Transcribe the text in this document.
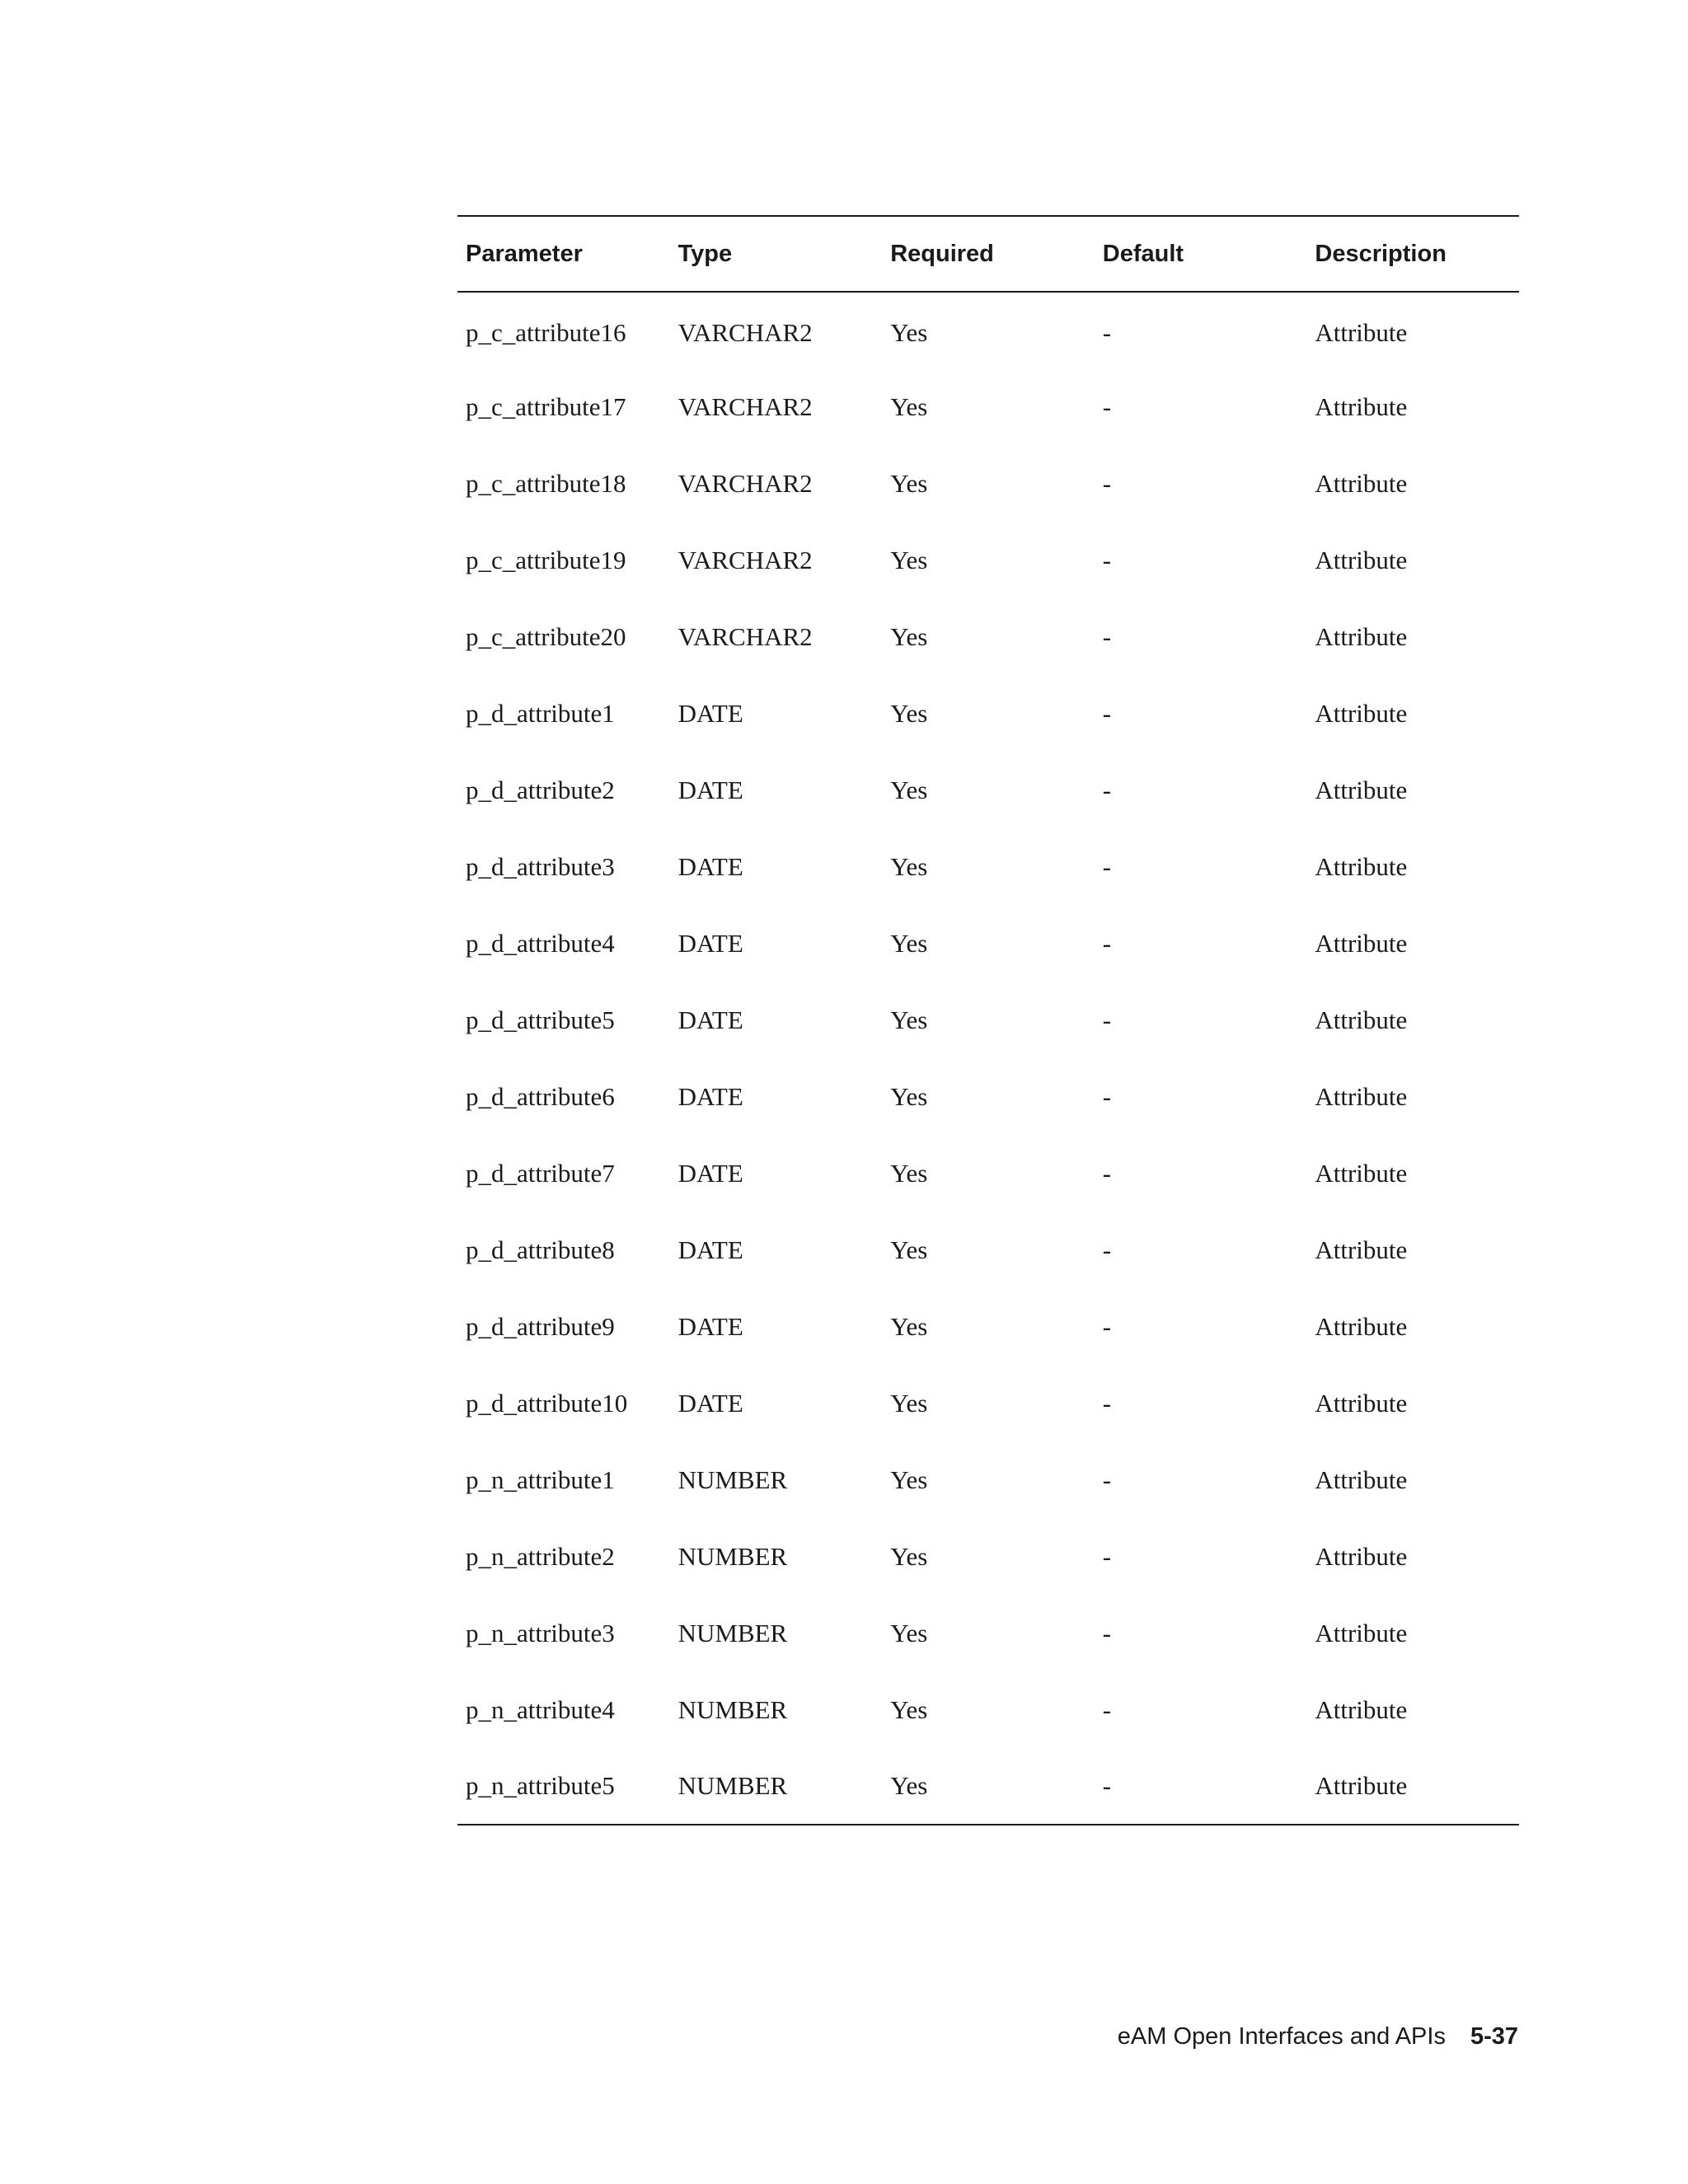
Parameter	Type	Required	Default	Description
p_c_attribute16	VARCHAR2	Yes	-	Attribute
p_c_attribute17	VARCHAR2	Yes	-	Attribute
p_c_attribute18	VARCHAR2	Yes	-	Attribute
p_c_attribute19	VARCHAR2	Yes	-	Attribute
p_c_attribute20	VARCHAR2	Yes	-	Attribute
p_d_attribute1	DATE	Yes	-	Attribute
p_d_attribute2	DATE	Yes	-	Attribute
p_d_attribute3	DATE	Yes	-	Attribute
p_d_attribute4	DATE	Yes	-	Attribute
p_d_attribute5	DATE	Yes	-	Attribute
p_d_attribute6	DATE	Yes	-	Attribute
p_d_attribute7	DATE	Yes	-	Attribute
p_d_attribute8	DATE	Yes	-	Attribute
p_d_attribute9	DATE	Yes	-	Attribute
p_d_attribute10	DATE	Yes	-	Attribute
p_n_attribute1	NUMBER	Yes	-	Attribute
p_n_attribute2	NUMBER	Yes	-	Attribute
p_n_attribute3	NUMBER	Yes	-	Attribute
p_n_attribute4	NUMBER	Yes	-	Attribute
p_n_attribute5	NUMBER	Yes	-	Attribute
eAM Open Interfaces and APIs 5-37
